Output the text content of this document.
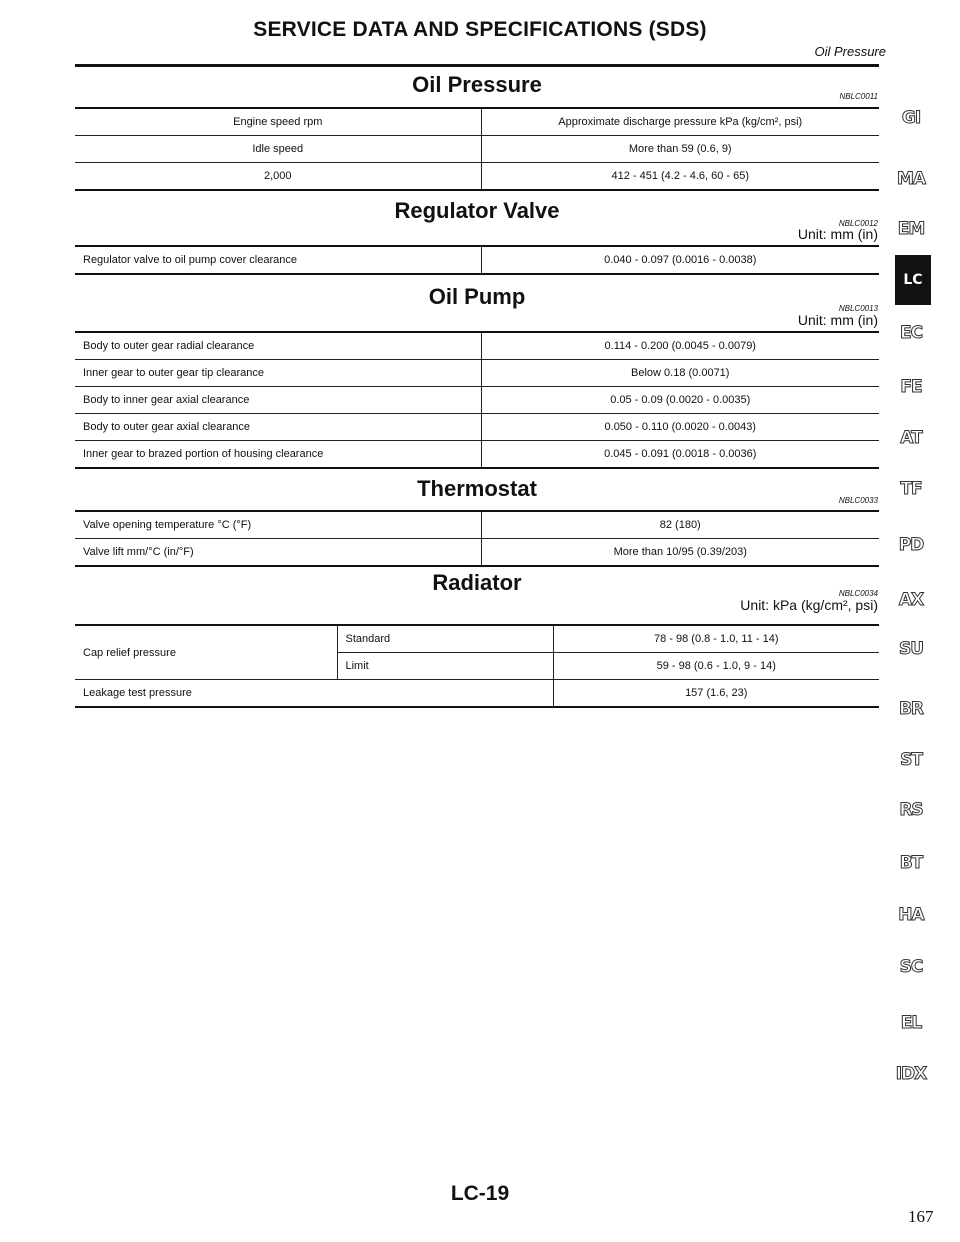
SERVICE DATA AND SPECIFICATIONS (SDS)
Oil Pressure
Oil Pressure	NBLC0011
Engine speed rpm	Approximate discharge pressure kPa (kg/cm², psi)
Idle speed	More than 59 (0.6, 9)
2,000	412 - 451 (4.2 - 4.6, 60 - 65)
Regulator Valve
NBLC0012
Unit: mm (in)
Regulator valve to oil pump cover clearance	0.040 - 0.097 (0.0016 - 0.0038)
Oil Pump	NBLC0013
Unit: mm (in)
Body to outer gear radial clearance	0.114 - 0.200 (0.0045 - 0.0079)
Inner gear to outer gear tip clearance	Below 0.18 (0.0071)
Body to inner gear axial clearance	0.05 - 0.09 (0.0020 - 0.0035)
Body to outer gear axial clearance	0.050 - 0.110 (0.0020 - 0.0043)
Inner gear to brazed portion of housing clearance	0.045 - 0.091 (0.0018 - 0.0036)
Thermostat	NBLC0033
Valve opening temperature °C (°F)	82 (180)
Valve lift mm/°C (in/°F)	More than 10/95 (0.39/203)
Radiator	NBLC0034
Unit: kPa (kg/cm², psi)
Cap relief pressure	Standard	78 - 98 (0.8 - 1.0, 11 - 14)
	Limit	59 - 98 (0.6 - 1.0, 9 - 14)
Leakage test pressure		157 (1.6, 23)
GI
MA
EM
LC
EC
FE
AT
TF
PD
AX
SU
BR
ST
RS
BT
HA
SC
EL
IDX
LC-19
167
